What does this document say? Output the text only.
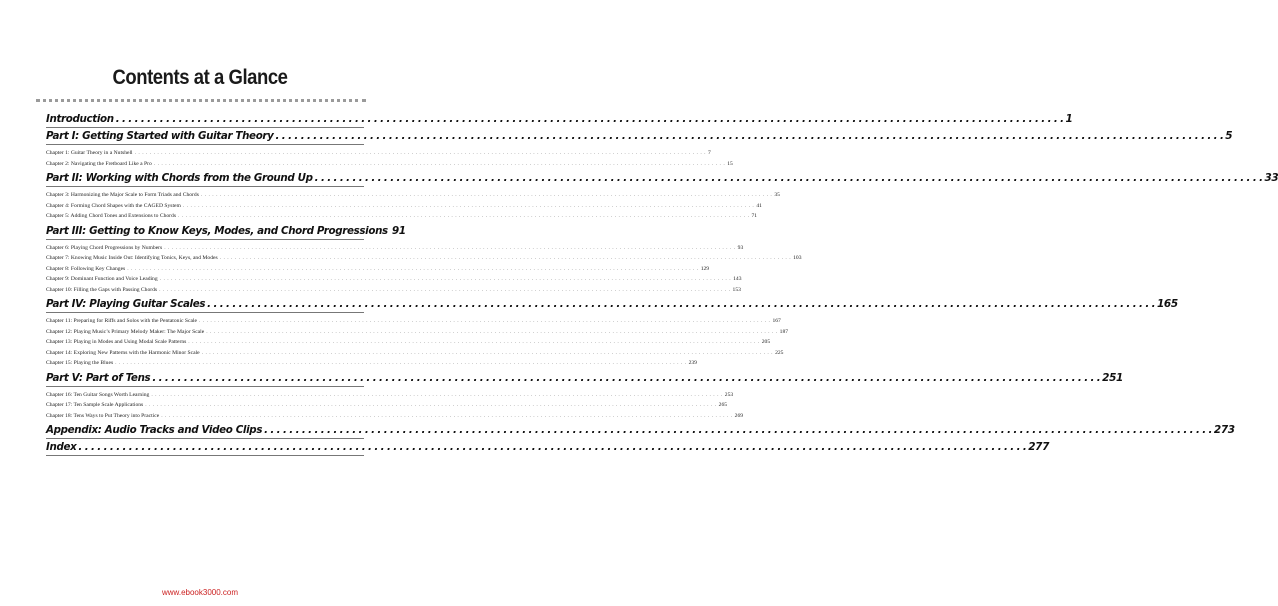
Contents at a Glance
Introduction . . .	1
Part I: Getting Started with Guitar Theory . . .	5
Chapter 1: Guitar Theory in a Nutshell . . .	7
Chapter 2: Navigating the Fretboard Like a Pro . . .	15
Part II: Working with Chords from the Ground Up . . .	33
Chapter 3: Harmonizing the Major Scale to Form Triads and Chords . . .	35
Chapter 4: Forming Chord Shapes with the CAGED System . . .	41
Chapter 5: Adding Chord Tones and Extensions to Chords . . .	71
Part III: Getting to Know Keys, Modes, and Chord Progressions 91
Chapter 6: Playing Chord Progressions by Numbers . . .	93
Chapter 7: Knowing Music Inside Out: Identifying Tonics, Keys, and Modes . . .	103
Chapter 8: Following Key Changes . . .	129
Chapter 9: Dominant Function and Voice Leading . . .	143
Chapter 10: Filling the Gaps with Passing Chords . . .	153
Part IV: Playing Guitar Scales . . .	165
Chapter 11: Preparing for Riffs and Solos with the Pentatonic Scale . . .	167
Chapter 12: Playing Music’s Primary Melody Maker: The Major Scale . . .	187
Chapter 13: Playing in Modes and Using Modal Scale Patterns . . .	205
Chapter 14: Exploring New Patterns with the Harmonic Minor Scale . . .	225
Chapter 15: Playing the Blues . . .	239
Part V: Part of Tens . . .	251
Chapter 16: Ten Guitar Songs Worth Learning . . .	253
Chapter 17: Ten Sample Scale Applications . . .	265
Chapter 18: Tens Ways to Put Theory into Practice . . .	269
Appendix: Audio Tracks and Video Clips . . .	273
Index . . .	277
www.ebook3000.com
